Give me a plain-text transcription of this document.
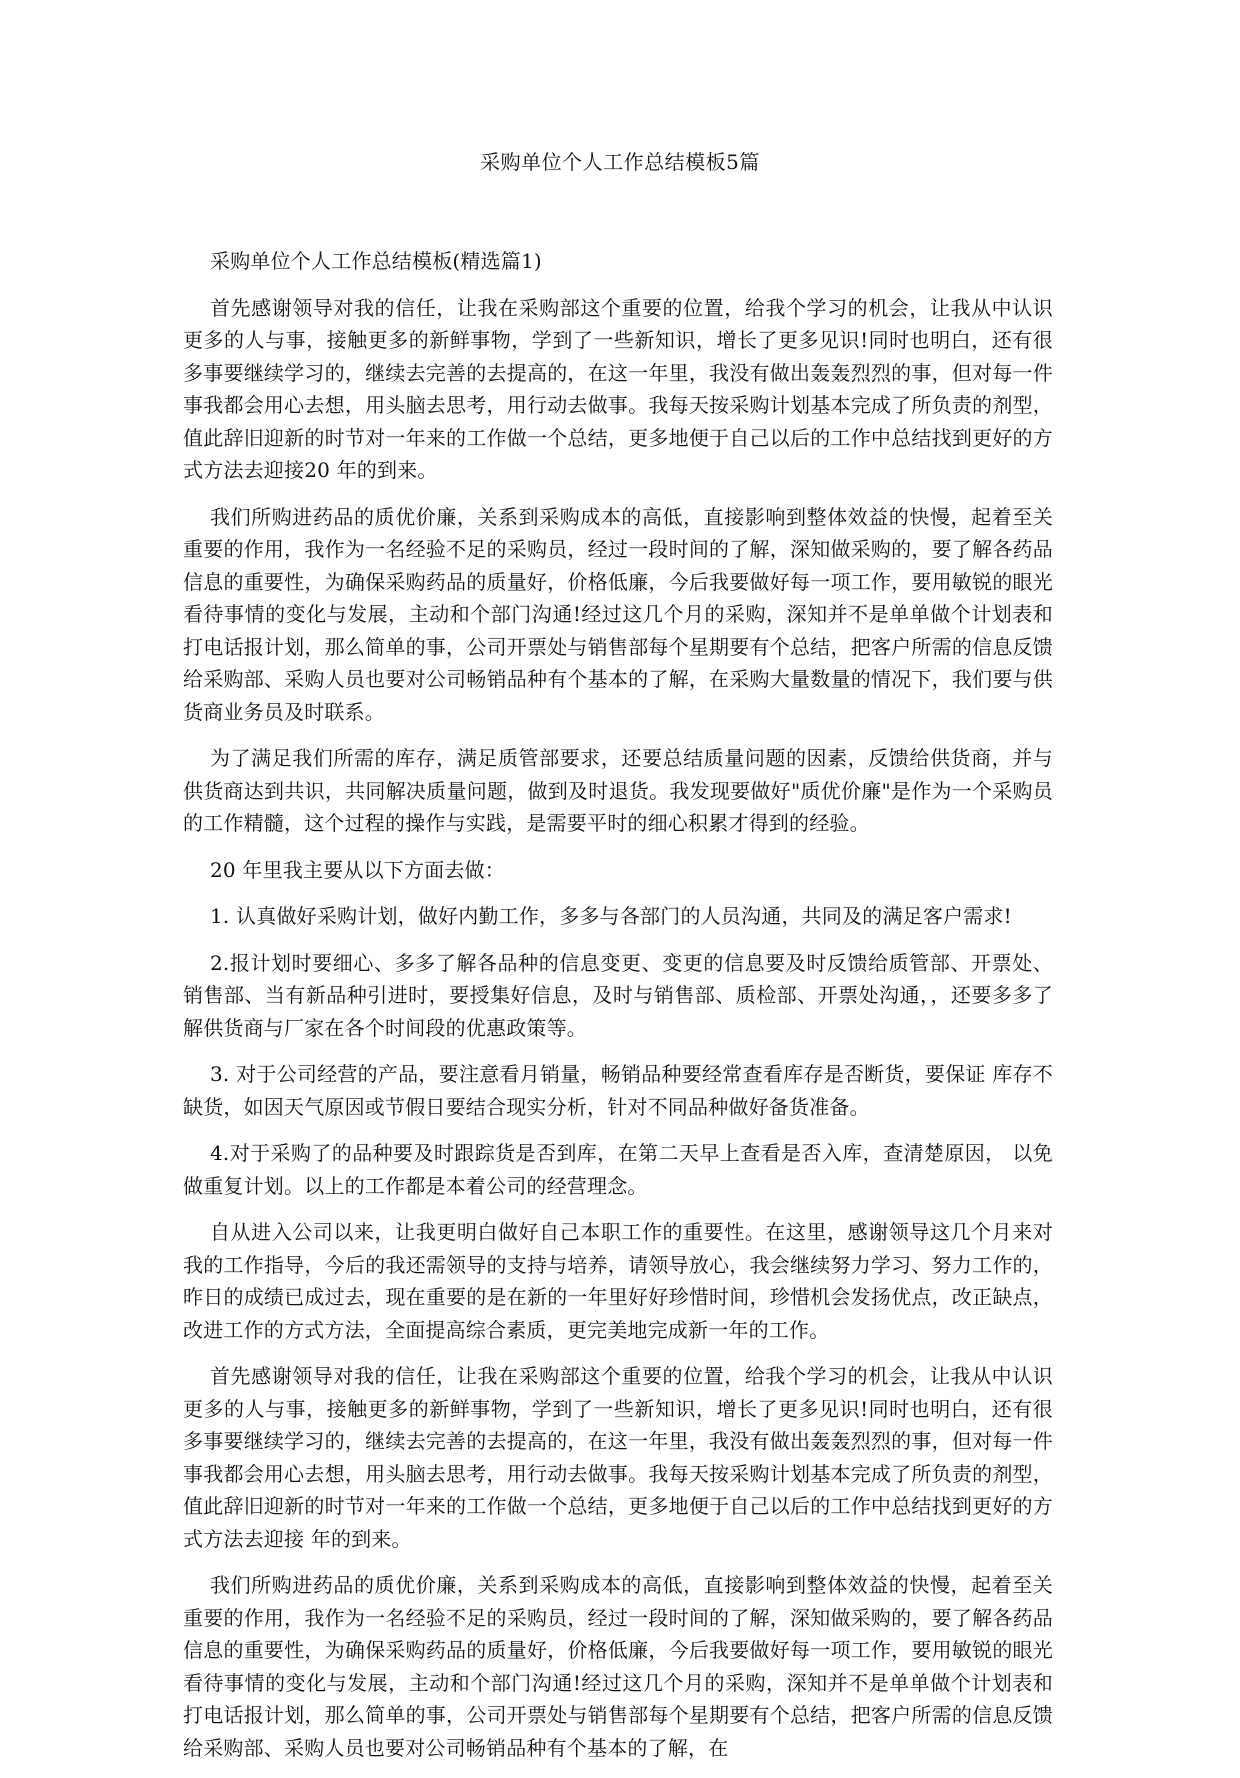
采购单位个人工作总结模板5篇

采购单位个人工作总结模板(精选篇1)

首先感谢领导对我的信任，让我在采购部这个重要的位置，给我个学习的机会，让我从中认识更多的人与事，接触更多的新鲜事物，学到了一些新知识，增长了更多见识!同时也明白，还有很多事要继续学习的，继续去完善的去提高的，在这一年里，我没有做出轰轰烈烈的事，但对每一件事我都会用心去想，用头脑去思考，用行动去做事。我每天按采购计划基本完成了所负责的剂型，值此辞旧迎新的时节对一年来的工作做一个总结，更多地便于自己以后的工作中总结找到更好的方式方法去迎接20 年的到来。

我们所购进药品的质优价廉，关系到采购成本的高低，直接影响到整体效益的快慢，起着至关重要的作用，我作为一名经验不足的采购员，经过一段时间的了解，深知做采购的，要了解各药品信息的重要性，为确保采购药品的质量好，价格低廉，今后我要做好每一项工作，要用敏锐的眼光看待事情的变化与发展，主动和个部门沟通!经过这几个月的采购，深知并不是单单做个计划表和打电话报计划，那么简单的事，公司开票处与销售部每个星期要有个总结，把客户所需的信息反馈给采购部、采购人员也要对公司畅销品种有个基本的了解，在采购大量数量的情况下，我们要与供货商业务员及时联系。

为了满足我们所需的库存，满足质管部要求，还要总结质量问题的因素，反馈给供货商，并与供货商达到共识，共同解决质量问题，做到及时退货。我发现要做好"质优价廉"是作为一个采购员的工作精髓，这个过程的操作与实践，是需要平时的细心积累才得到的经验。

20 年里我主要从以下方面去做：

1. 认真做好采购计划，做好内勤工作，多多与各部门的人员沟通，共同及的满足客户需求!

2.报计划时要细心、多多了解各品种的信息变更、变更的信息要及时反馈给质管部、开票处、销售部、当有新品种引进时，要授集好信息，及时与销售部、质检部、开票处沟通，，还要多多了解供货商与厂家在各个时间段的优惠政策等。

3. 对于公司经营的产品，要注意看月销量，畅销品种要经常查看库存是否断货，要保证 库存不缺货，如因天气原因或节假日要结合现实分析，针对不同品种做好备货准备。

4.对于采购了的品种要及时跟踪货是否到库，在第二天早上查看是否入库，查清楚原因， 以免做重复计划。以上的工作都是本着公司的经营理念。

自从进入公司以来，让我更明白做好自己本职工作的重要性。在这里，感谢领导这几个月来对我的工作指导，今后的我还需领导的支持与培养，请领导放心，我会继续努力学习、努力工作的，昨日的成绩已成过去，现在重要的是在新的一年里好好珍惜时间，珍惜机会发扬优点，改正缺点，改进工作的方式方法，全面提高综合素质，更完美地完成新一年的工作。

首先感谢领导对我的信任，让我在采购部这个重要的位置，给我个学习的机会，让我从中认识更多的人与事，接触更多的新鲜事物，学到了一些新知识，增长了更多见识!同时也明白，还有很多事要继续学习的，继续去完善的去提高的，在这一年里，我没有做出轰轰烈烈的事，但对每一件事我都会用心去想，用头脑去思考，用行动去做事。我每天按采购计划基本完成了所负责的剂型，值此辞旧迎新的时节对一年来的工作做一个总结，更多地便于自己以后的工作中总结找到更好的方式方法去迎接 年的到来。

我们所购进药品的质优价廉，关系到采购成本的高低，直接影响到整体效益的快慢，起着至关重要的作用，我作为一名经验不足的采购员，经过一段时间的了解，深知做采购的，要了解各药品信息的重要性，为确保采购药品的质量好，价格低廉，今后我要做好每一项工作，要用敏锐的眼光看待事情的变化与发展，主动和个部门沟通!经过这几个月的采购，深知并不是单单做个计划表和打电话报计划，那么简单的事，公司开票处与销售部每个星期要有个总结，把客户所需的信息反馈给采购部、采购人员也要对公司畅销品种有个基本的了解，在
